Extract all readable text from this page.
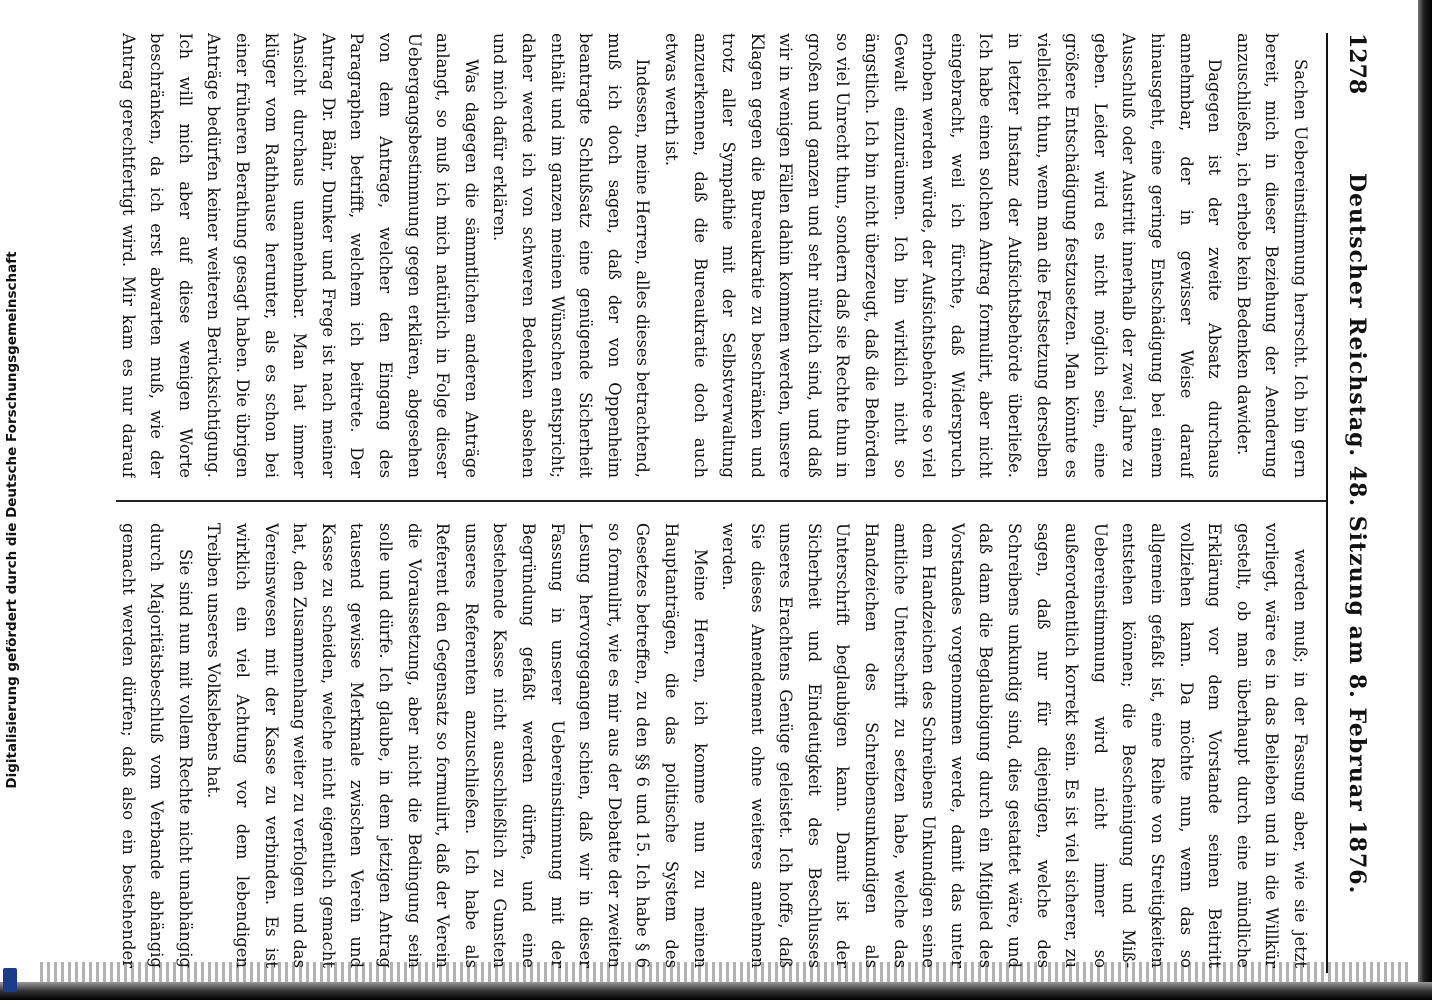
Digitalisierung gefördert durch die Deutsche Forschungsgemeinschaft
1278
Deutscher Reichstag. 48. Sitzung am 8. Februar 1876.

Sachen Uebereinstimmung herrscht. Ich bin gern bereit, mich in dieser Beziehung der Aenderung anzuschließen, ich erhebe kein Bedenken dawider.

Dagegen ist der zweite Absatz durchaus annehmbar, der in gewisser Weise darauf hinausgeht, eine geringe Entschädigung bei einem Ausschluß oder Austritt innerhalb der zwei Jahre zu geben. Leider wird es nicht möglich sein, eine größere Entschädigung festzusetzen. Man könnte es vielleicht thun, wenn man die Festsetzung derselben in letzter Instanz der Aufsichtsbehörde überließe. Ich habe einen solchen Antrag formulirt, aber nicht eingebracht, weil ich fürchte, daß Widerspruch erhoben werden würde, der Aufsichtsbehörde so viel Gewalt einzuräumen. Ich bin wirklich nicht so ängstlich. Ich bin nicht überzeugt, daß die Behörden so viel Unrecht thun, sondern daß sie Rechte thun in großen und ganzen und sehr nützlich sind, und daß wir in wenigen Fällen dahin kommen werden, unsere Klagen gegen die Bureaukratie zu beschränken und trotz aller Sympathie mit der Selbstverwaltung anzuerkennen, daß die Bureaukratie doch auch etwas werth ist.

Indessen, meine Herren, alles dieses betrachtend, muß ich doch sagen, daß der von Oppenheim beantragte Schlußsatz eine genügende Sicherheit enthält und im ganzen meinen Wünschen entspricht; daher werde ich von schweren Bedenken absehen und mich dafür erklären.

Was dagegen die sämmtlichen anderen Anträge anlangt, so muß ich mich natürlich in Folge dieser Uebergangsbestimmung gegen erklären, abgesehen von dem Antrage, welcher den Eingang des Paragraphen betrifft, welchem ich beitrete. Der Antrag Dr. Bähr, Dunker und Frege ist nach meiner Ansicht durchaus unannehmbar. Man hat immer klüger vom Rathhause herunter, als es schon bei einer früheren Berathung gesagt haben. Die übrigen Anträge bedürfen keiner weiteren Berücksichtigung. Ich will mich aber auf diese wenigen Worte beschränken, da ich erst abwarten muß, wie der Antrag gerechtfertigt wird. Mir kam es nur darauf

werden muß; in der Fassung aber, wie sie jetzt vorliegt, wäre es in das Belieben und in die Willkür gestellt, ob man überhaupt durch eine mündliche Erklärung vor dem Vorstande seinen Beitritt vollziehen kann. Da möchte nun, wenn das so allgemein gefaßt ist, eine Reihe von Streitigkeiten entstehen können; die Bescheinigung und Miß-Uebereinstimmung wird nicht immer so außerordentlich korrekt sein. Es ist viel sicherer, zu sagen, daß nur für diejenigen, welche des Schreibens unkundig sind, dies gestattet wäre, und daß dann die Beglaubigung durch ein Mitglied des Vorstandes vorgenommen werde, damit das unter dem Handzeichen des Schreibens Unkundigen seine amtliche Unterschrift zu setzen habe, welche das Handzeichen des Schreibensunkundigen als Unterschrift beglaubigen kann. Damit ist der Sicherheit und Eindeutigkeit des Beschlusses unseres Erachtens Genüge geleistet. Ich hoffe, daß Sie dieses Amendement ohne weiteres annehmen werden.

Meine Herren, ich komme nun zu meinen Hauptanträgen, die das politische System des Gesetzes betreffen, zu den §§ 6 und 15. Ich habe § 6 so formulirt, wie es mir aus der Debatte der zweiten Lesung hervorgegangen schien, daß wir in dieser Fassung in unserer Uebereinstimmung mit der Begründung gefaßt werden dürfte, und eine bestehende Kasse nicht ausschließlich zu Gunsten unseres Referenten anzuschließen. Ich habe als Referent den Gegensatz so formulirt, daß der Verein die Voraussetzung, aber nicht die Bedingung sein solle und dürfe. Ich glaube, in dem jetzigen Antrag tausend gewisse Merkmale zwischen Verein und Kasse zu scheiden, welche nicht eigentlich gemacht hat, den Zusammenhang weiter zu verfolgen und das Vereinswesen mit der Kasse zu verbinden. Es ist wirklich ein viel Achtung vor dem lebendigen Treiben unseres Volkslebens hat.

Sie sind nun mit vollem Rechte nicht unabhängig durch Majoritätsbeschluß vom Verbande abhängig gemacht werden dürfen; daß also ein bestehender
